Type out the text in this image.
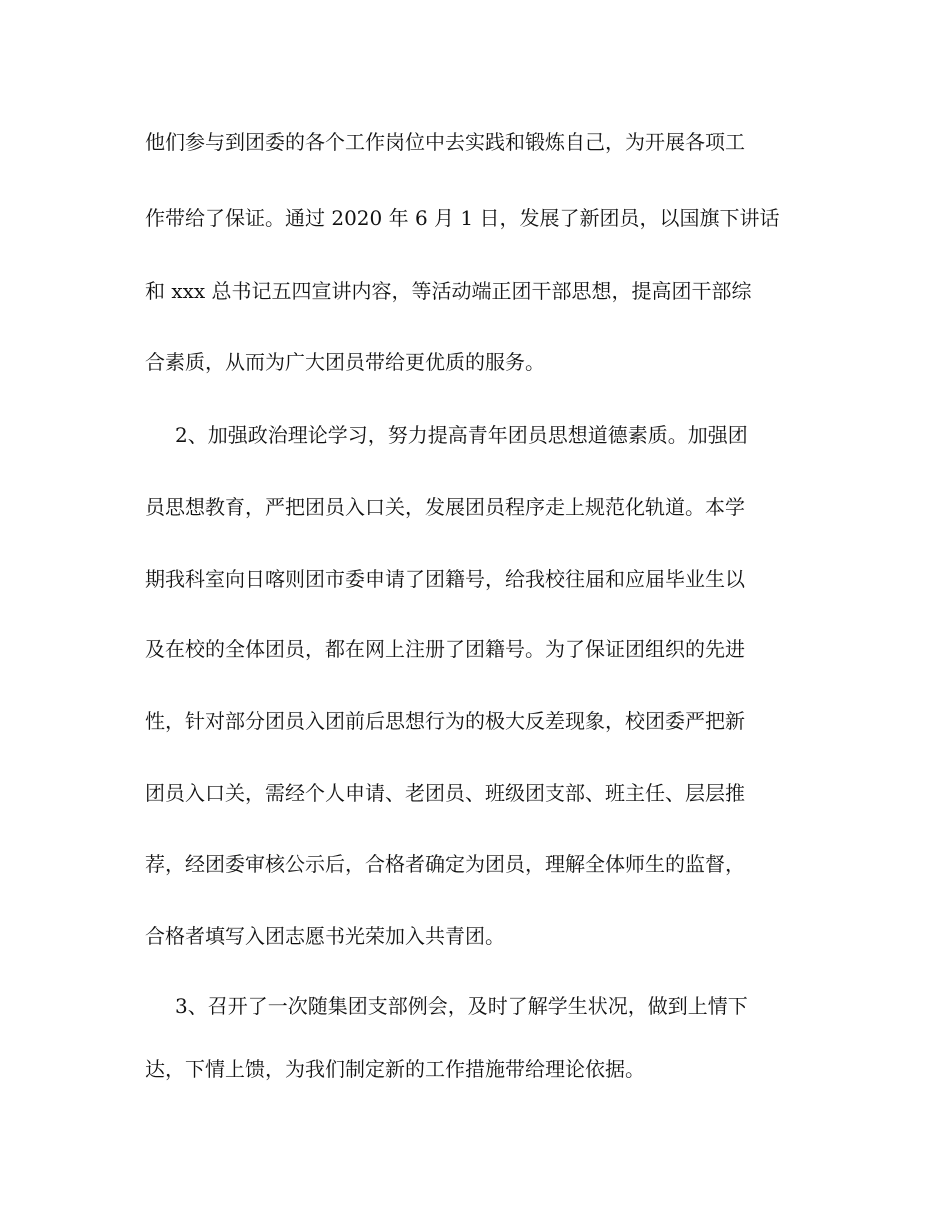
他们参与到团委的各个工作岗位中去实践和锻炼自己，为开展各项工
作带给了保证。通过 2020 年 6 月 1 日，发展了新团员，以国旗下讲话
和 xxx 总书记五四宣讲内容，等活动端正团干部思想，提高团干部综
合素质，从而为广大团员带给更优质的服务。
2、加强政治理论学习，努力提高青年团员思想道德素质。加强团
员思想教育，严把团员入口关，发展团员程序走上规范化轨道。本学
期我科室向日喀则团市委申请了团籍号，给我校往届和应届毕业生以
及在校的全体团员，都在网上注册了团籍号。为了保证团组织的先进
性，针对部分团员入团前后思想行为的极大反差现象，校团委严把新
团员入口关，需经个人申请、老团员、班级团支部、班主任、层层推
荐，经团委审核公示后，合格者确定为团员，理解全体师生的监督，
合格者填写入团志愿书光荣加入共青团。
3、召开了一次随集团支部例会，及时了解学生状况，做到上情下
达，下情上馈，为我们制定新的工作措施带给理论依据。
